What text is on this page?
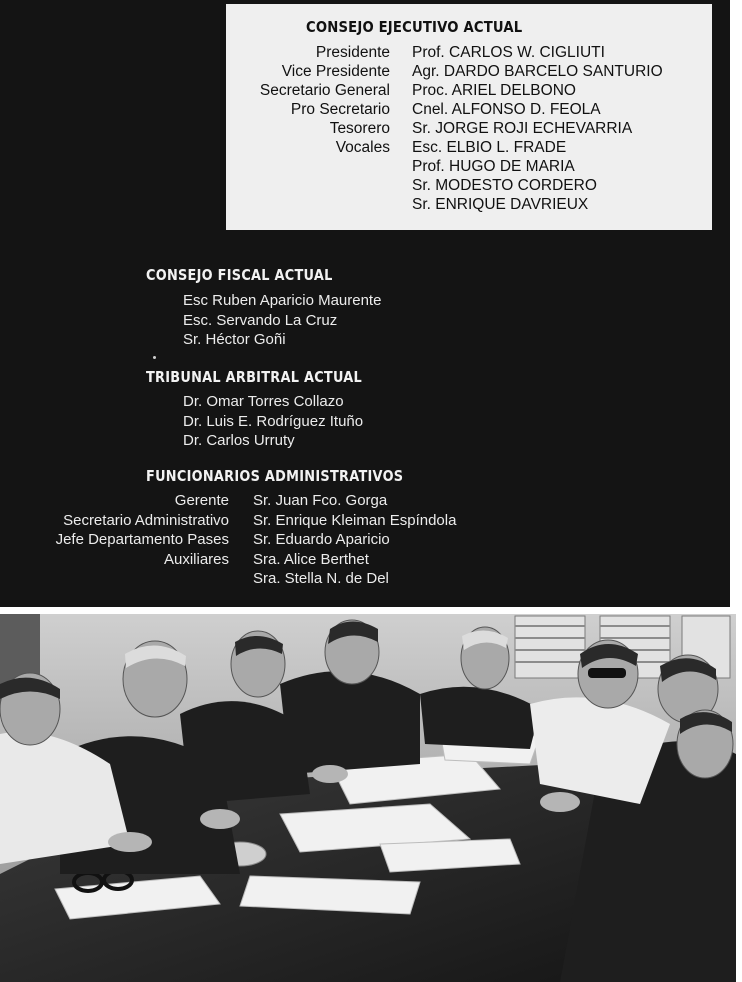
CONSEJO EJECUTIVO ACTUAL
Presidente
Vice Presidente
Secretario General
Pro Secretario
Tesorero
Vocales
Prof. CARLOS W. CIGLIUTI
Agr. DARDO BARCELO SANTURIO
Proc. ARIEL DELBONO
Cnel. ALFONSO D. FEOLA
Sr. JORGE ROJI ECHEVARRIA
Esc. ELBIO L. FRADE
Prof. HUGO DE MARIA
Sr. MODESTO CORDERO
Sr. ENRIQUE DAVRIEUX
CONSEJO FISCAL ACTUAL
Esc Ruben Aparicio Maurente
Esc. Servando La Cruz
Sr. Héctor Goñi
TRIBUNAL ARBITRAL ACTUAL
Dr. Omar Torres Collazo
Dr. Luis E. Rodríguez Ituño
Dr. Carlos Urruty
FUNCIONARIOS ADMINISTRATIVOS
Gerente
Secretario Administrativo
Jefe Departamento Pases
Auxiliares
Sr. Juan Fco. Gorga
Sr. Enrique Kleiman Espíndola
Sr. Eduardo Aparicio
Sra. Alice Berthet
Sra. Stella N. de Del
